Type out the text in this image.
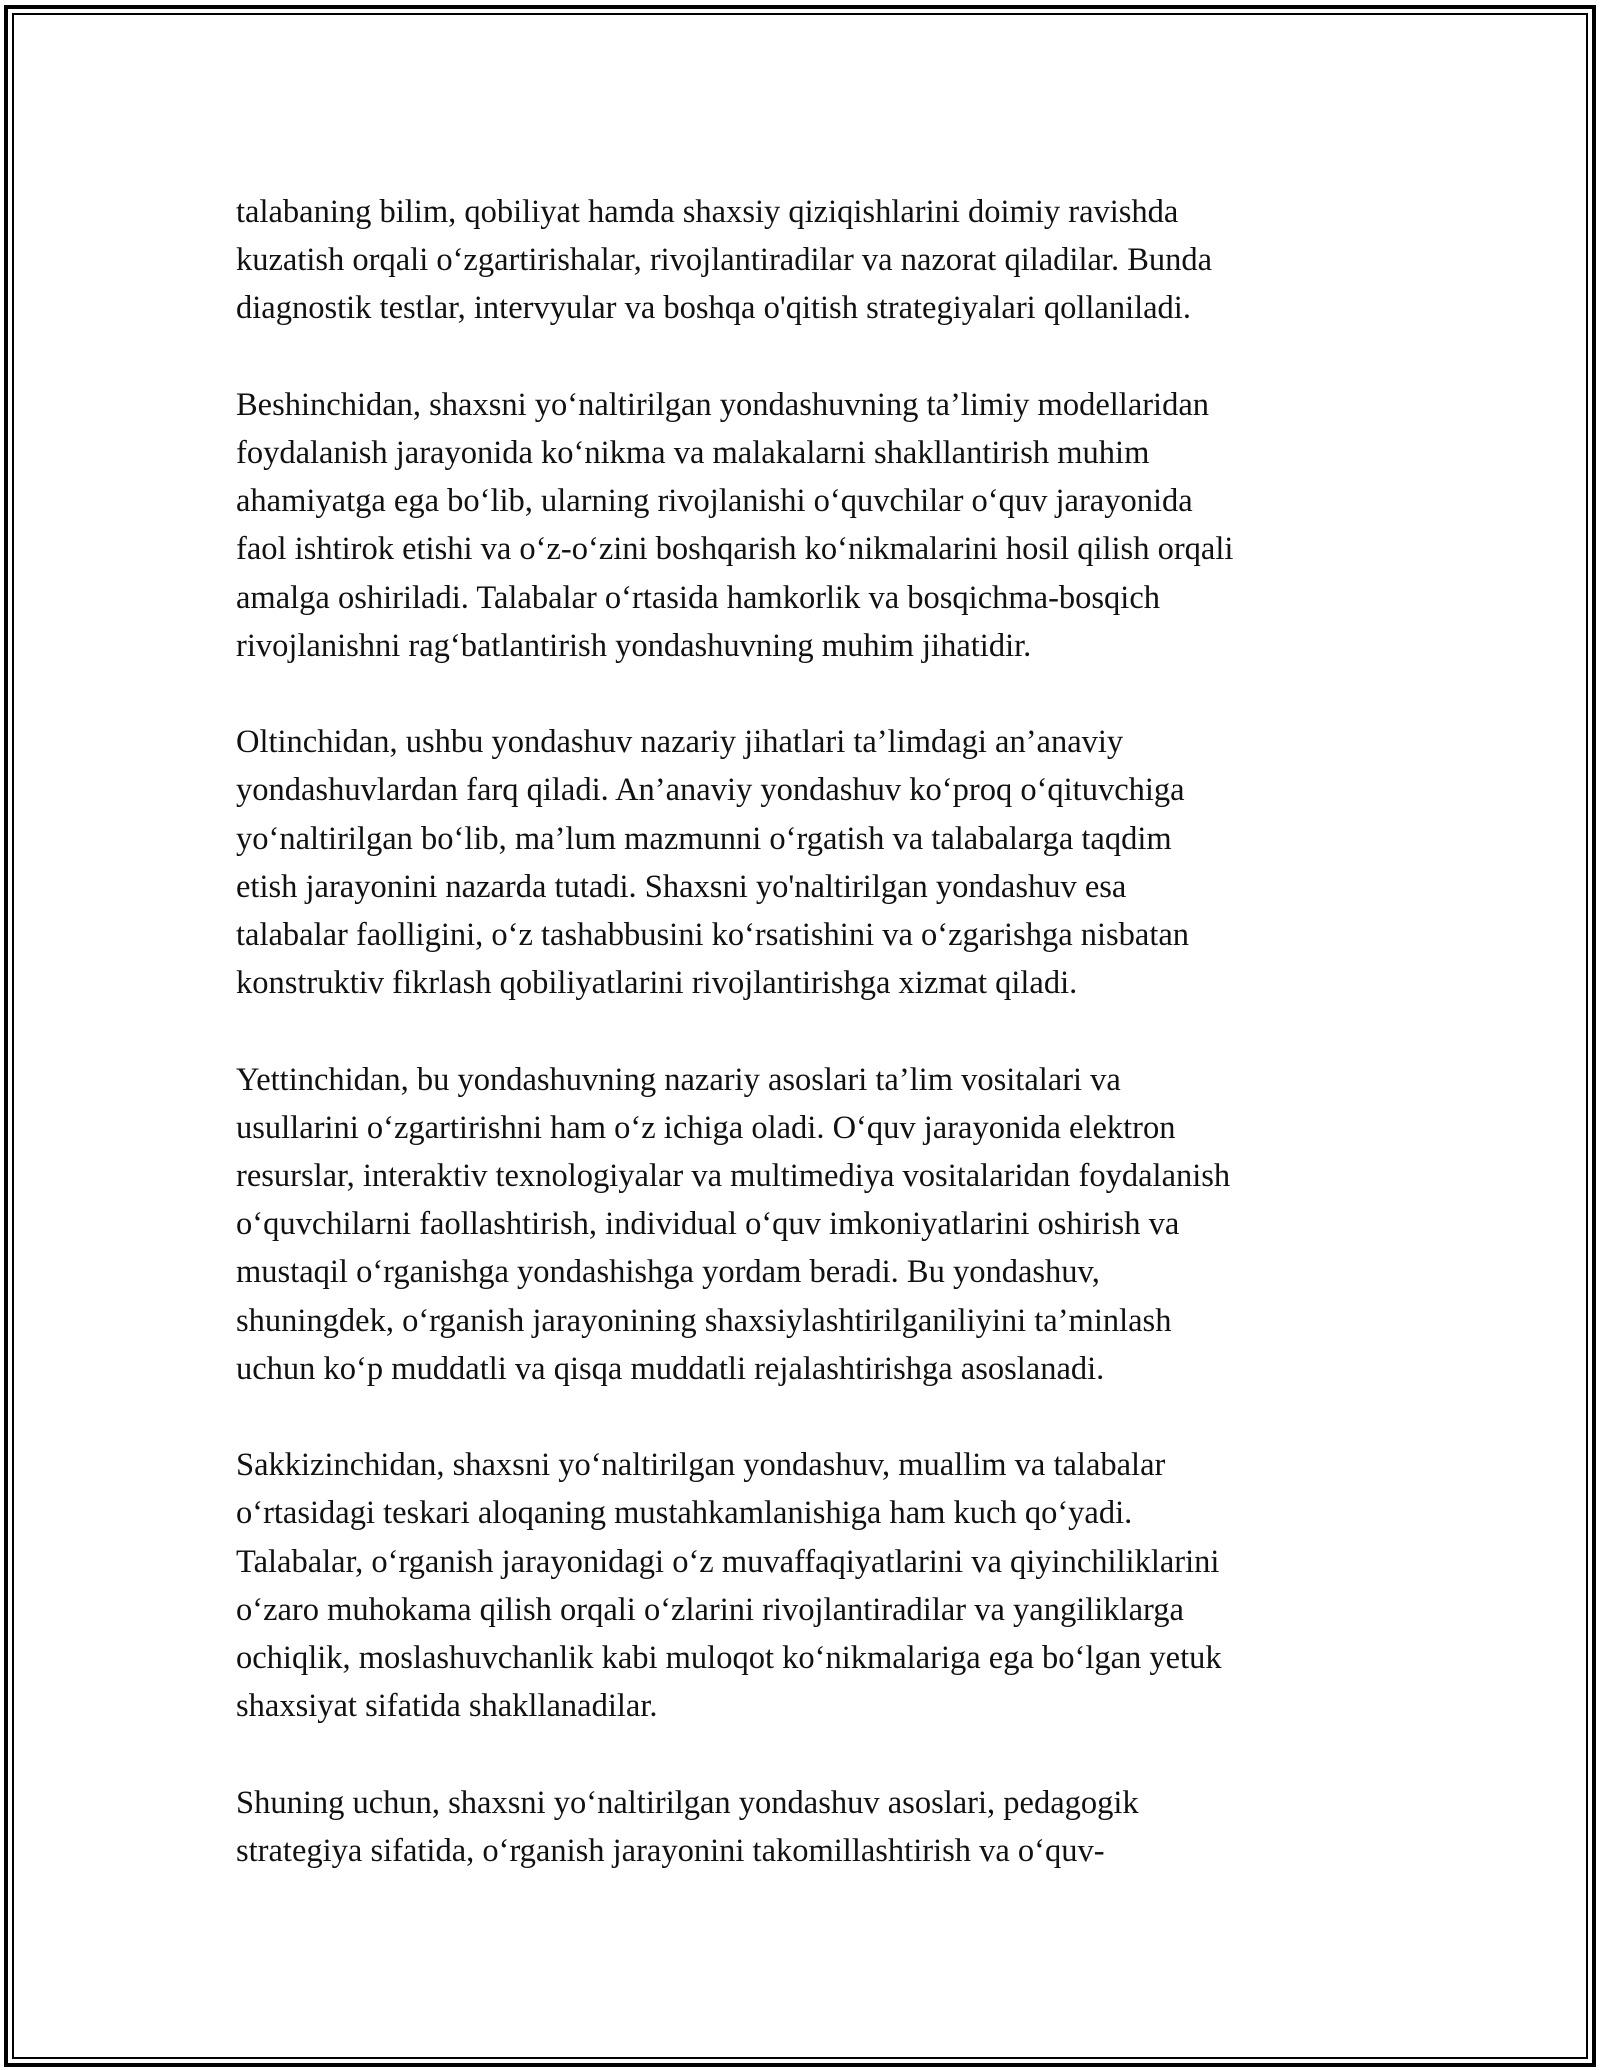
talabaning bilim, qobiliyat hamda shaxsiy qiziqishlarini doimiy ravishda
kuzatish orqali o‘zgartirishalar, rivojlantiradilar va nazorat qiladilar. Bunda
diagnostik testlar, intervyular va boshqa o'qitish strategiyalari qollaniladi.

Beshinchidan, shaxsni yo‘naltirilgan yondashuvning ta’limiy modellaridan
foydalanish jarayonida ko‘nikma va malakalarni shakllantirish muhim
ahamiyatga ega bo‘lib, ularning rivojlanishi o‘quvchilar o‘quv jarayonida
faol ishtirok etishi va o‘z-o‘zini boshqarish ko‘nikmalarini hosil qilish orqali
amalga oshiriladi. Talabalar o‘rtasida hamkorlik va bosqichma-bosqich
rivojlanishni rag‘batlantirish yondashuvning muhim jihatidir.

Oltinchidan, ushbu yondashuv nazariy jihatlari ta’limdagi an’anaviy
yondashuvlardan farq qiladi. An’anaviy yondashuv ko‘proq o‘qituvchiga
yo‘naltirilgan bo‘lib, ma’lum mazmunni o‘rgatish va talabalarga taqdim
etish jarayonini nazarda tutadi. Shaxsni yo'naltirilgan yondashuv esa
talabalar faolligini, o‘z tashabbusini ko‘rsatishini va o‘zgarishga nisbatan
konstruktiv fikrlash qobiliyatlarini rivojlantirishga xizmat qiladi.

Yettinchidan, bu yondashuvning nazariy asoslari ta’lim vositalari va
usullarini o‘zgartirishni ham o‘z ichiga oladi. O‘quv jarayonida elektron
resurslar, interaktiv texnologiyalar va multimediya vositalaridan foydalanish
o‘quvchilarni faollashtirish, individual o‘quv imkoniyatlarini oshirish va
mustaqil o‘rganishga yondashishga yordam beradi. Bu yondashuv,
shuningdek, o‘rganish jarayonining shaxsiylashtirilganiliyini ta’minlash
uchun ko‘p muddatli va qisqa muddatli rejalashtirishga asoslanadi.

Sakkizinchidan, shaxsni yo‘naltirilgan yondashuv, muallim va talabalar
o‘rtasidagi teskari aloqaning mustahkamlanishiga ham kuch qo‘yadi.
Talabalar, o‘rganish jarayonidagi o‘z muvaffaqiyatlarini va qiyinchiliklarini
o‘zaro muhokama qilish orqali o‘zlarini rivojlantiradilar va yangiliklarga
ochiqlik, moslashuvchanlik kabi muloqot ko‘nikmalariga ega bo‘lgan yetuk
shaxsiyat sifatida shakllanadilar.

Shuning uchun, shaxsni yo‘naltirilgan yondashuv asoslari, pedagogik
strategiya sifatida, o‘rganish jarayonini takomillashtirish va o‘quv-
